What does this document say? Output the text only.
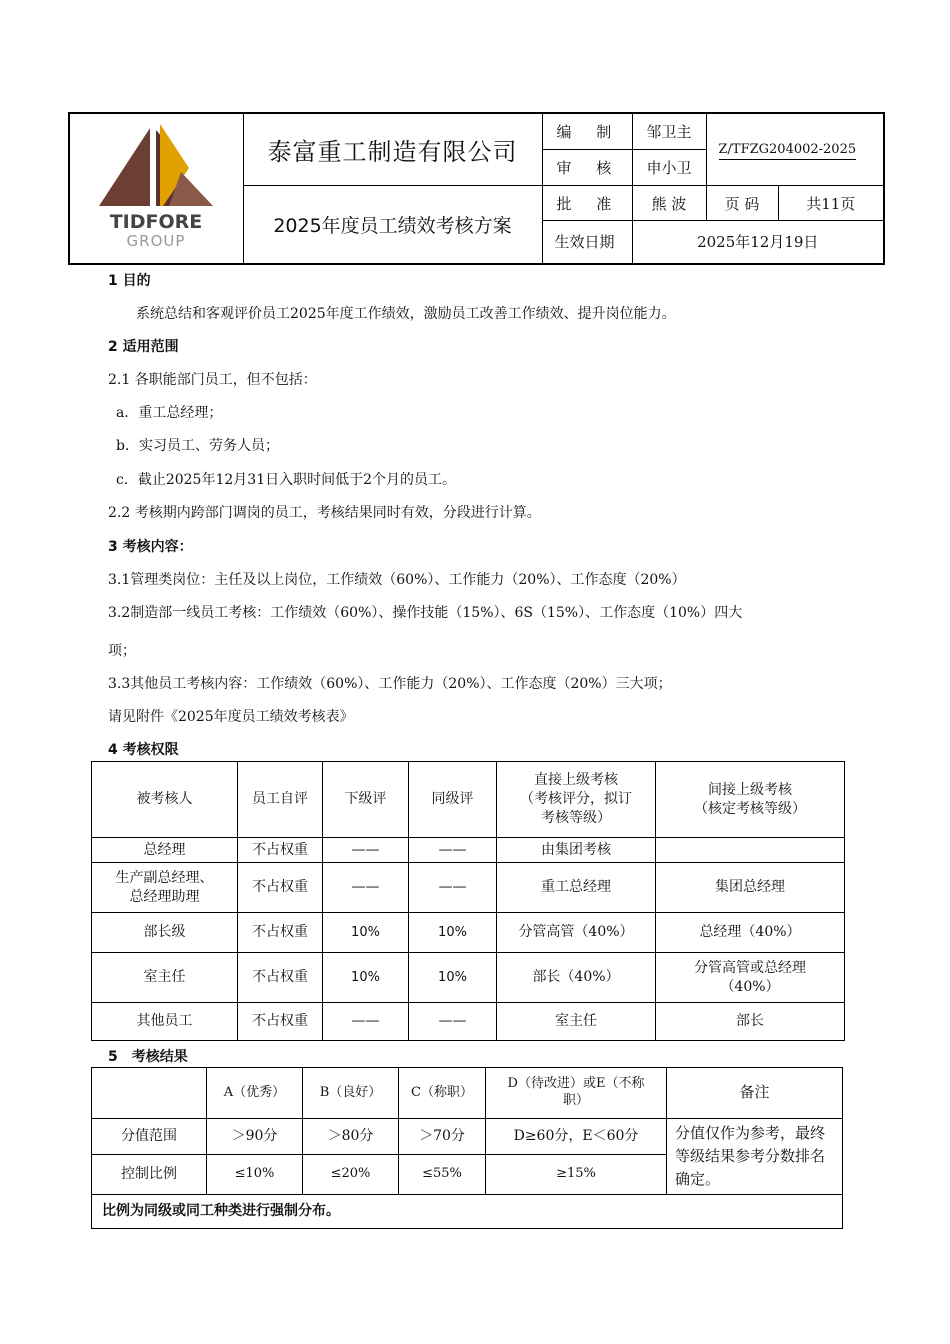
TIDFORE
GROUP	泰富重工制造有限公司	编 制	邹卫主	Z/TFZG204002-2025	
		审 核	申小卫		
	2025年度员工绩效考核方案	批 准	熊 波	页 码	共11页
		生效日期	2025年12月19日		
1 目的
系统总结和客观评价员工2025年度工作绩效，激励员工改善工作绩效、提升岗位能力。
2 适用范围
2.1 各职能部门员工，但不包括：
a．重工总经理；
b．实习员工、劳务人员；
c．截止2025年12月31日入职时间低于2个月的员工。
2.2 考核期内跨部门调岗的员工，考核结果同时有效，分段进行计算。
3 考核内容：
3.1管理类岗位：主任及以上岗位，工作绩效（60%）、工作能力（20%）、工作态度（20%）
3.2制造部一线员工考核：工作绩效（60%）、操作技能（15%）、6S（15%）、工作态度（10%）四大
项；
3.3其他员工考核内容：工作绩效（60%）、工作能力（20%）、工作态度（20%）三大项；
请见附件《2025年度员工绩效考核表》
4 考核权限
被考核人	员工自评	下级评	同级评	直接上级考核
（考核评分，拟订
考核等级）	间接上级考核
（核定考核等级）
总经理	不占权重	——	——	由集团考核	
生产副总经理、
总经理助理	不占权重	——	——	重工总经理	集团总经理
部长级	不占权重	10%	10%	分管高管（40%）	总经理（40%）
室主任	不占权重	10%	10%	部长（40%）	分管高管或总经理
（40%）
其他员工	不占权重	——	——	室主任	部长
5　考核结果
	A（优秀）	B（良好）	C（称职）	D（待改进）或E（不称
职）	备注
分值范围	＞90分	＞80分	＞70分	D≥60分，E＜60分	分值仅作为参考，最终等级结果参考分数排名确定。
控制比例	≤10%	≤20%	≤55%	≥15%	
比例为同级或同工种类进行强制分布。					
